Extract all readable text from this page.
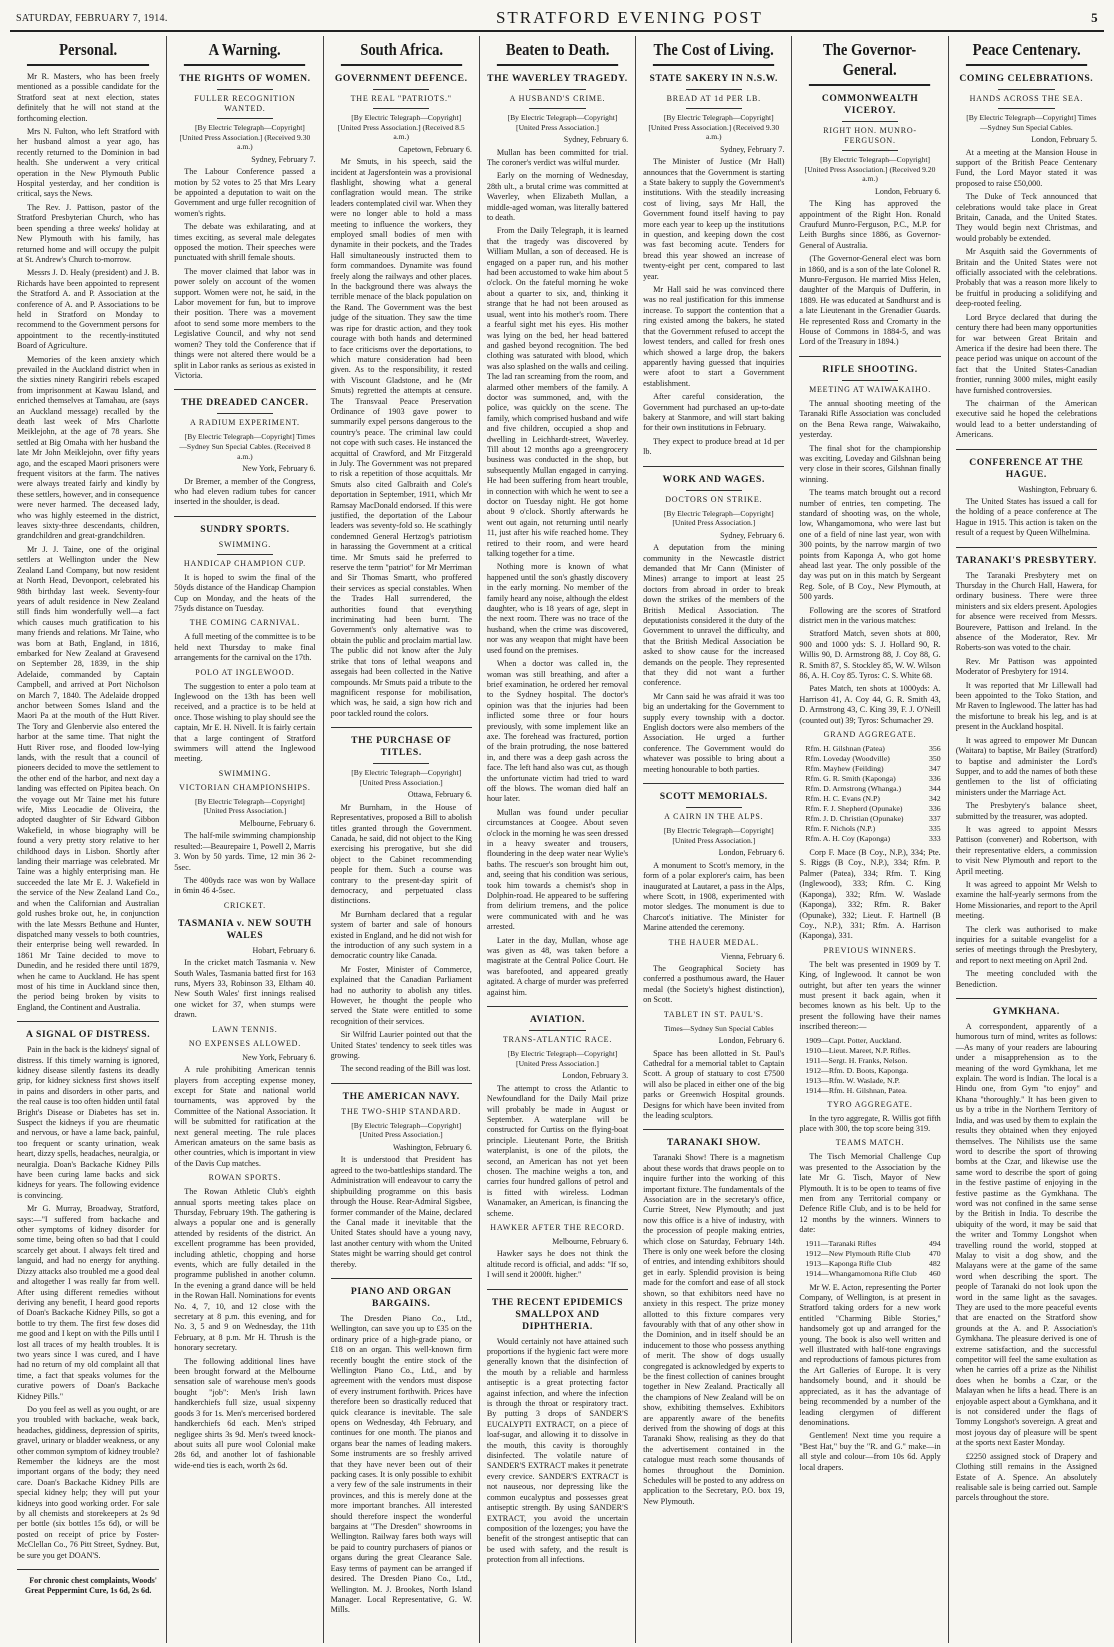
SATURDAY, FEBRUARY 7, 1914.	STRATFORD EVENING POST	5
Personal.

Mr R. Masters, who has been freely mentioned as a possible candidate for the Stratford seat at next election, states definitely that he will not stand at the forthcoming election.

Mrs N. Fulton, who left Stratford with her husband almost a year ago, has recently returned to the Dominion in bad health. She underwent a very critical operation in the New Plymouth Public Hospital yesterday, and her condition is critical, says the News.

The Rev. J. Pattison, pastor of the Stratford Presbyterian Church, who has been spending a three weeks' holiday at New Plymouth with his family, has returned home and will occupy the pulpit at St. Andrew's Church to-morrow.

Messrs J. D. Healy (president) and J. B. Richards have been appointed to represent the Stratford A. and P. Association at the conference of A. and P. Associations to be held in Stratford on Monday to recommend to the Government persons for appointment to the recently-instituted Board of Agriculture.

Memories of the keen anxiety which prevailed in the Auckland district when in the sixties ninety Rangiriri rebels escaped from imprisonment at Kawau Island, and enriched themselves at Tamahau, are (says an Auckland message) recalled by the death last week of Mrs Charlotte Meiklejohn, at the age of 78 years. She settled at Big Omaha with her husband the late Mr John Meiklejohn, over fifty years ago, and the escaped Maori prisoners were frequent visitors at the farm. The natives were always treated fairly and kindly by these settlers, however, and in consequence were never harmed. The deceased lady, who was highly esteemed in the district, leaves sixty-three descendants, children, grandchildren and great-grandchildren.

Mr J. J. Taine, one of the original settlers at Wellington under the New Zealand Land Company, but now resident at North Head, Devonport, celebrated his 98th birthday last week. Seventy-four years of adult residence in New Zealand still finds him wonderfully well—a fact which causes much gratification to his many friends and relations. Mr Taine, who was born at Bath, England, in 1816, embarked for New Zealand at Gravesend on September 28, 1839, in the ship Adelaide, commanded by Captain Campbell, and arrived at Port Nicholson on March 7, 1840. The Adelaide dropped anchor between Somes Island and the Maori Pa at the mouth of the Hutt River. The Tory and Glenbervie also entered the harbor at the same time. That night the Hutt River rose, and flooded low-lying lands, with the result that a council of pioneers decided to move the settlement to the other end of the harbor, and next day a landing was effected on Pipitea beach. On the voyage out Mr Taine met his future wife, Miss Leocadie de Oliveira, the adopted daughter of Sir Edward Gibbon Wakefield, in whose biography will be found a very pretty story relative to her childhood days in Lisbon. Shortly after landing their marriage was celebrated. Mr Taine was a highly enterprising man. He succeeded the late Mr E. J. Wakefield in the service of the New Zealand Land Co., and when the Californian and Australian gold rushes broke out, he, in conjunction with the late Messrs Bethune and Hunter, dispatched many vessels to both countries, their enterprise being well rewarded. In 1861 Mr Taine decided to move to Dunedin, and he resided there until 1879, when he came to Auckland. He has spent most of his time in Auckland since then, the period being broken by visits to England, the Continent and Australia.

A SIGNAL OF DISTRESS.

Pain in the back is the kidneys' signal of distress. If this timely warning is ignored, kidney disease silently fastens its deadly grip, for kidney sickness first shows itself in pains and disorders in other parts, and the real cause is too often hidden until fatal Bright's Disease or Diabetes has set in. Suspect the kidneys if you are rheumatic and nervous, or have a lame back, painful, too frequent or scanty urination, weak heart, dizzy spells, headaches, neuralgia, or neuralgia. Doan's Backache Kidney Pills have been curing lame backs and sick kidneys for years. The following evidence is convincing.

Mr G. Murray, Broadway, Stratford, says:—"I suffered from backache and other symptoms of kidney disorder for some time, being often so bad that I could scarcely get about. I always felt tired and languid, and had no energy for anything. Dizzy attacks also troubled me a good deal and altogether I was really far from well. After using different remedies without deriving any benefit, I heard good reports of Doan's Backache Kidney Pills, so got a bottle to try them. The first few doses did me good and I kept on with the Pills until I lost all traces of my health troubles. It is two years since I was cured, and I have had no return of my old complaint all that time, a fact that speaks volumes for the curative powers of Doan's Backache Kidney Pills."

Do you feel as well as you ought, or are you troubled with backache, weak back, headaches, giddiness, depression of spirits, gravel, urinary or bladder weakness, or any other common symptom of kidney trouble? Remember the kidneys are the most important organs of the body; they need care. Doan's Backache Kidney Pills are special kidney help; they will put your kidneys into good working order. For sale by all chemists and storekeepers at 2s 9d per bottle (six bottles 15s 6d), or will be posted on receipt of price by Foster-McClellan Co., 76 Pitt Street, Sydney. But, be sure you get DOAN'S.

For chronic chest complaints, Woods' Great Peppermint Cure, 1s 6d, 2s 6d.

A Warning.
THE RIGHTS OF WOMEN.
FULLER RECOGNITION WANTED.

[By Electric Telegraph—Copyright] [United Press Association.] (Received 9.30 a.m.)

Sydney, February 7.

The Labour Conference passed a motion by 52 votes to 25 that Mrs Leary be appointed a deputation to wait on the Government and urge fuller recognition of women's rights.

The debate was exhilarating, and at times exciting, as several male delegates opposed the motion. Their speeches were punctuated with shrill female shouts.

The mover claimed that labor was in power solely on account of the women support. Women were not, he said, in the Labor movement for fun, but to improve their position. There was a movement afoot to send some more members to the Legislative Council, and why not send women? They told the Conference that if things were not altered there would be a split in Labor ranks as serious as existed in Victoria.

THE DREADED CANCER.
A RADIUM EXPERIMENT.

[By Electric Telegraph—Copyright] Times—Sydney Sun Special Cables. (Received 8 a.m.)

New York, February 6.

Dr Bremer, a member of the Congress, who had eleven radium tubes for cancer inserted in the shoulder, is dead.

SUNDRY SPORTS.
SWIMMING.
HANDICAP CHAMPION CUP.

It is hoped to swim the final of the 50yds distance of the Handicap Champion Cup on Monday, and the heats of the 75yds distance on Tuesday.

THE COMING CARNIVAL.

A full meeting of the committee is to be held next Thursday to make final arrangements for the carnival on the 17th.

POLO AT INGLEWOOD.

The suggestion to enter a polo team at Inglewood on the 13th has been well received, and a practice is to be held at once. Those wishing to play should see the captain, Mr E. H. Nivell. It is fairly certain that a large contingent of Stratford swimmers will attend the Inglewood meeting.

SWIMMING.
VICTORIAN CHAMPIONSHIPS.

[By Electric Telegraph—Copyright] [United Press Association.]

Melbourne, February 6.

The half-mile swimming championship resulted:—Beaurepaire 1, Powell 2, Marris 3. Won by 50 yards. Time, 12 min 36 2-5sec.

The 400yds race was won by Wallace in 6min 46 4-5sec.

CRICKET.
TASMANIA v. NEW SOUTH WALES

Hobart, February 6.

In the cricket match Tasmania v. New South Wales, Tasmania batted first for 163 runs, Myers 33, Robinson 33, Eltham 40. New South Wales' first innings realised one wicket for 37, when stumps were drawn.

LAWN TENNIS.
NO EXPENSES ALLOWED.

New York, February 6.

A rule prohibiting American tennis players from accepting expense money, except for State and national world tournaments, was approved by the Committee of the National Association. It will be submitted for ratification at the next general meeting. The rule places American amateurs on the same basis as other countries, which is important in view of the Davis Cup matches.

ROWAN SPORTS.

The Rowan Athletic Club's eighth annual sports meeting takes place on Thursday, February 19th. The gathering is always a popular one and is generally attended by residents of the district. An excellent programme has been provided, including athletic, chopping and horse events, which are fully detailed in the programme published in another column. In the evening a grand dance will be held in the Rowan Hall. Nominations for events No. 4, 7, 10, and 12 close with the secretary at 8 p.m. this evening, and for No. 3, 5 and 9 on Wednesday, the 11th February, at 8 p.m. Mr H. Thrush is the honorary secretary.

The following additional lines have been brought forward at the Melbourne sensation sale of warehouse men's goods bought "job": Men's Irish lawn handkerchiefs full size, usual sixpenny goods 3 for 1s. Men's mercerised bordered handkerchiefs 6d each. Men's striped negligee shirts 3s 9d. Men's tweed knock-about suits all pure wool Colonial make 28s 6d, and another lot of fashionable wide-end ties is each, worth 2s 6d.

South Africa.
GOVERNMENT DEFENCE.
THE REAL "PATRIOTS."

[By Electric Telegraph—Copyright] [United Press Association.] (Received 8.5 a.m.)

Capetown, February 6.

Mr Smuts, in his speech, said the incident at Jagersfontein was a provisional flashlight, showing what a general conflagration would mean. The strike leaders contemplated civil war. When they were no longer able to hold a mass meeting to influence the workers, they employed small bodies of men with dynamite in their pockets, and the Trades Hall simultaneously instructed them to form commandoes. Dynamite was found freely along the railways and other places. In the background there was always the terrible menace of the black population on the Rand. The Government was the best judge of the situation. They saw the time was ripe for drastic action, and they took courage with both hands and determined to face criticisms over the deportations, to which mature consideration had been given. As to the responsibility, it rested with Viscount Gladstone, and he (Mr Smuts) regretted the attempts at censure. The Transvaal Peace Preservation Ordinance of 1903 gave power to summarily expel persons dangerous to the country's peace. The criminal law could not cope with such cases. He instanced the acquittal of Crawford, and Mr Fitzgerald in July. The Government was not prepared to risk a repetition of those acquittals. Mr Smuts also cited Galbraith and Cole's deportation in September, 1911, which Mr Ramsay MacDonald endorsed. If this were justified, the deportation of the Labour leaders was seventy-fold so. He scathingly condemned General Hertzog's patriotism in harassing the Government at a critical time. Mr Smuts said he preferred to reserve the term "patriot" for Mr Merriman and Sir Thomas Smartt, who proffered their services as special constables. When the Trades Hall surrendered, the authorities found that everything incriminating had been burnt. The Government's only alternative was to obtain the public and proclaim martial law. The public did not know after the July strike that tons of lethal weapons and assegais had been collected in the Native compounds. Mr Smuts paid a tribute to the magnificent response for mobilisation, which was, he said, a sign how rich and poor tackled round the colors.

THE PURCHASE OF TITLES.

[By Electric Telegraph—Copyright] [United Press Association.]

Ottawa, February 6.

Mr Burnham, in the House of Representatives, proposed a Bill to abolish titles granted through the Government. Canada, he said, did not object to the King exercising his prerogative, but she did object to the Cabinet recommending people for them. Such a course was contrary to the present-day spirit of democracy, and perpetuated class distinctions.

Mr Burnham declared that a regular system of barter and sale of honours existed in England, and he did not wish for the introduction of any such system in a democratic country like Canada.

Mr Foster, Minister of Commerce, explained that the Canadian Parliament had no authority to abolish any titles. However, he thought the people who served the State were entitled to some recognition of their services.

Sir Wilfrid Laurier pointed out that the United States' tendency to seek titles was growing.

The second reading of the Bill was lost.

THE AMERICAN NAVY.
THE TWO-SHIP STANDARD.

[By Electric Telegraph—Copyright] [United Press Association.]

Washington, February 6.

It is understood that President has agreed to the two-battleships standard. The Administration will endeavour to carry the shipbuilding programme on this basis through the House. Rear-Admiral Sigsbee, former commander of the Maine, declared the Canal made it inevitable that the United States should have a young navy, last another century with whom the United States might be warring should get control thereby.

PIANO AND ORGAN BARGAINS.

The Dresden Piano Co., Ltd., Wellington, can save you up to £35 on the ordinary price of a high-grade piano, or £18 on an organ. This well-known firm recently bought the entire stock of the Wellington Piano Co., Ltd., and by agreement with the vendors must dispose of every instrument forthwith. Prices have therefore been so drastically reduced that quick clearance is inevitable. The sale opens on Wednesday, 4th February, and continues for one month. The pianos and organs bear the names of leading makers. Some instruments are so freshly arrived that they have never been out of their packing cases. It is only possible to exhibit a very few of the sale instruments in their provinces, and this is merely done at the more important branches. All interested should therefore inspect the wonderful bargains at "The Dresden" showrooms in Wellington. Railway fares both ways will be paid to country purchasers of pianos or organs during the great Clearance Sale. Easy terms of payment can be arranged if desired. The Dresden Piano Co., Ltd., Wellington. M. J. Brookes, North Island Manager. Local Representative, G. W. Mills.

Beaten to Death.
THE WAVERLEY TRAGEDY.
A HUSBAND'S CRIME.

[By Electric Telegraph—Copyright] [United Press Association.]

Sydney, February 6.

Mullan has been committed for trial. The coroner's verdict was wilful murder.

Early on the morning of Wednesday, 28th ult., a brutal crime was committed at Waverley, when Elizabeth Mullan, a middle-aged woman, was literally battered to death.

From the Daily Telegraph, it is learned that the tragedy was discovered by William Mullan, a son of deceased. He is engaged on a paper run, and his mother had been accustomed to wake him about 5 o'clock. On the fateful morning he woke about a quarter to six, and, thinking it strange that he had not been aroused as usual, went into his mother's room. There a fearful sight met his eyes. His mother was lying on the bed, her head battered and gashed beyond recognition. The bed clothing was saturated with blood, which was also splashed on the walls and ceiling. The lad ran screaming from the room, and alarmed other members of the family. A doctor was summoned, and, with the police, was quickly on the scene. The family, which comprised husband and wife and five children, occupied a shop and dwelling in Leichhardt-street, Waverley. Till about 12 months ago a greengrocery business was conducted in the shop, but subsequently Mullan engaged in carrying. He had been suffering from heart trouble, in connection with which he went to see a doctor on Tuesday night. He got home about 9 o'clock. Shortly afterwards he went out again, not returning until nearly 11, just after his wife reached home. They retired to their room, and were heard talking together for a time.

Nothing more is known of what happened until the son's ghastly discovery in the early morning. No member of the family heard any noise, although the eldest daughter, who is 18 years of age, slept in the next room. There was no trace of the husband, when the crime was discovered, nor was any weapon that might have been used found on the premises.

When a doctor was called in, the woman was still breathing, and after a brief examination, he ordered her removal to the Sydney hospital. The doctor's opinion was that the injuries had been inflicted some three or four hours previously, with some implement like an axe. The forehead was fractured, portion of the brain protruding, the nose battered in, and there was a deep gash across the face. The left hand also was cut, as though the unfortunate victim had tried to ward off the blows. The woman died half an hour later.

Mullan was found under peculiar circumstances at Coogee. About seven o'clock in the morning he was seen dressed in a heavy sweater and trousers, floundering in the deep water near Wylie's baths. The rescuer's son brought him out, and, seeing that his condition was serious, took him towards a chemist's shop in Dolphin-road. He appeared to be suffering from delirium tremens, and the police were communicated with and he was arrested.

Later in the day, Mullan, whose age was given as 48, was taken before a magistrate at the Central Police Court. He was barefooted, and appeared greatly agitated. A charge of murder was preferred against him.

AVIATION.
TRANS-ATLANTIC RACE.

[By Electric Telegraph—Copyright] [United Press Association.]

London, February 3.

The attempt to cross the Atlantic to Newfoundland for the Daily Mail prize will probably be made in August or September. A waterplane will be constructed for Curtiss on the flying-boat principle. Lieutenant Porte, the British waterplanist, is one of the pilots, the second, an American has not yet been chosen. The machine weighs a ton, and carries four hundred gallons of petrol and is fitted with wireless. Lodman Wanamaker, an American, is financing the scheme.

HAWKER AFTER THE RECORD.

Melbourne, February 6.

Hawker says he does not think the altitude record is official, and adds: "If so, I will send it 2000ft. higher."

THE RECENT EPIDEMICS SMALLPOX AND DIPHTHERIA.

Would certainly not have attained such proportions if the hygienic fact were more generally known that the disinfection of the mouth by a reliable and harmless antiseptic is a great protecting factor against infection, and where the infection is through the throat or respiratory tract. By putting 3 drops of SANDER'S EUCALYPTI EXTRACT, on a piece of loaf-sugar, and allowing it to dissolve in the mouth, this cavity is thoroughly disinfected. The volatile nature of SANDER'S EXTRACT makes it penetrate every crevice. SANDER'S EXTRACT is not nauseous, nor depressing like the common eucalyptus and possesses great antiseptic strength. By using SANDER'S EXTRACT, you avoid the uncertain composition of the lozenges; you have the benefit of the strongest antiseptic that can be used with safety, and the result is protection from all infections.

The Cost of Living.
STATE SAKERY IN N.S.W.
BREAD AT 1d PER LB.

[By Electric Telegraph—Copyright] [United Press Association.] (Received 9.30 a.m.)

Sydney, February 7.

The Minister of Justice (Mr Hall) announces that the Government is starting a State bakery to supply the Government's institutions. With the steadily increasing cost of living, says Mr Hall, the Government found itself having to pay more each year to keep up the institutions in question, and keeping down the cost was fast becoming acute. Tenders for bread this year showed an increase of twenty-eight per cent, compared to last year.

Mr Hall said he was convinced there was no real justification for this immense increase. To support the contention that a ring existed among the bakers, he stated that the Government refused to accept the lowest tenders, and called for fresh ones which showed a large drop, the bakers apparently having guessed that inquiries were afoot to start a Government establishment.

After careful consideration, the Government had purchased an up-to-date bakery at Stanmore, and will start baking for their own institutions in February.

They expect to produce bread at 1d per lb.

WORK AND WAGES.
DOCTORS ON STRIKE.

[By Electric Telegraph—Copyright] [United Press Association.]

Sydney, February 6.

A deputation from the mining community in the Newcastle district demanded that Mr Cann (Minister of Mines) arrange to import at least 25 doctors from abroad in order to break down the strikes of the members of the British Medical Association. The deputationists considered it the duty of the Government to unravel the difficulty, and that the British Medical Association be asked to show cause for the increased demands on the people. They represented that they did not want a further conference.

Mr Cann said he was afraid it was too big an undertaking for the Government to supply every township with a doctor. English doctors were also members of the Association. He urged a further conference. The Government would do whatever was possible to bring about a meeting honourable to both parties.

SCOTT MEMORIALS.
A CAIRN IN THE ALPS.

[By Electric Telegraph—Copyright] [United Press Association.]

London, February 6.

A monument to Scott's memory, in the form of a polar explorer's cairn, has been inaugurated at Lautaret, a pass in the Alps, where Scott, in 1908, experimented with motor sledges. The monument is due to Charcot's initiative. The Minister for Marine attended the ceremony.

THE HAUER MEDAL.

Vienna, February 6.

The Geographical Society has conferred a posthumous award, the Hauer medal (the Society's highest distinction), on Scott.

TABLET IN ST. PAUL'S.

Times—Sydney Sun Special Cables

London, February 6.

Space has been allotted in St. Paul's Cathedral for a memorial tablet to Captain Scott. A group of statuary to cost £7500 will also be placed in either one of the big parks or Greenwich Hospital grounds. Designs for which have been invited from the leading sculptors.

TARANAKI SHOW.

Taranaki Show! There is a magnetism about these words that draws people on to inquire further into the working of this important fixture. The fundamentals of the Association are in the secretary's office, Currie Street, New Plymouth; and just now this office is a hive of industry, with the procession of people making entries, which close on Saturday, February 14th. There is only one week before the closing of entries, and intending exhibitors should get in early. Splendid provision is being made for the comfort and ease of all stock shown, so that exhibitors need have no anxiety in this respect. The prize money allotted to this fixture compares very favourably with that of any other show in the Dominion, and in itself should be an inducement to those who possess anything of merit. The show of dogs usually congregated is acknowledged by experts to be the finest collection of canines brought together in New Zealand. Practically all the champions of New Zealand will be on show, exhibiting themselves. Exhibitors are apparently aware of the benefits derived from the showing of dogs at this Taranaki Show, realising as they do that the advertisement contained in the catalogue must reach some thousands of homes throughout the Dominion. Schedules will be posted to any address on application to the Secretary, P.O. box 19, New Plymouth.

The Governor-General.
COMMONWEALTH VICEROY.
RIGHT HON. MUNRO-FERGUSON.

[By Electric Telegraph—Copyright] [United Press Association.] (Received 9.20 a.m.)

London, February 6.

The King has approved the appointment of the Right Hon. Ronald Craufurd Munro-Ferguson, P.C., M.P. for Leith Burghs since 1886, as Governor-General of Australia.

(The Governor-General elect was born in 1860, and is a son of the late Colonel R. Munro-Ferguson. He married Miss Helen, daughter of the Marquis of Dufferin, in 1889. He was educated at Sandhurst and is a late Lieutenant in the Grenadier Guards. He represented Ross and Cromarty in the House of Commons in 1884-5, and was Lord of the Treasury in 1894.)

RIFLE SHOOTING.
MEETING AT WAIWAKAIHO.

The annual shooting meeting of the Taranaki Rifle Association was concluded on the Bena Rewa range, Waiwakaiho, yesterday.

The final shot for the championship was exciting, Loveday and Gilshnan being very close in their scores, Gilshnan finally winning.

The teams match brought out a record number of entries, ten competing. The standard of shooting was, on the whole, low, Whangamomona, who were last but one of a field of nine last year, won with 300 points, by the narrow margin of two points from Kaponga A, who got home ahead last year. The only possible of the day was put on in this match by Sergeant Reg. Sole, of B Coy., New Plymouth, at 500 yards.

Following are the scores of Stratford district men in the various matches:

Stratford Match, seven shots at 800, 900 and 1000 yds: S. J. Hollard 90, R. Willis 90, D. Armstrong 88, J. Coy 88, G. R. Smith 87, S. Stockley 85, W. W. Wilson 86, A. H. Coy 85. Tyros: C. S. White 68.

Pates Match, ten shots at 1000yds: A. Harrison 41, A. Coy 44, G. R. Smith 43, D. Armstrong 43, C. King 39, F. J. O'Neill (counted out) 39; Tyros: Schumacher 29.

GRAND AGGREGATE.
Rfm. H. Gilshnan (Patea)	356
Rfm. Loveday (Woodville)	350
Rfm. Mayhew (Feilding)	347
Rfm. G. R. Smith (Kaponga)	336
Rfm. D. Armstrong (Whanga.)	344
Rfm. H. C. Evans (N.P)	342
Rfm. F. J. Shepherd (Opunake)	336
Rfm. J. D. Christian (Opunake)	337
Rfm. F. Nichols (N.P.)	335
Rfm. A. H. Coy (Kaponga)	333

Corp F. Mace (B Coy., N.P.), 334; Pte. S. Riggs (B Coy., N.P.), 334; Rfm. P. Palmer (Patea), 334; Rfm. T. King (Inglewood), 333; Rfm. C. King (Kaponga), 332; Rfm. W. Waslade (Kaponga), 332; Rfm. R. Baker (Opunake), 332; Lieut. F. Hartnell (B Coy., N.P.), 331; Rfm. A. Harrison (Kaponga), 331.

PREVIOUS WINNERS.

The belt was presented in 1909 by T. King, of Inglewood. It cannot be won outright, but after ten years the winner must present it back again, when it becomes known as his belt. Up to the present the following have their names inscribed thereon:—

1909—Capt. Potter, Auckland.
1910—Lieut. Mareet, N.P. Rifles.
1911—Sergt. H. Franks, Nelson.
1912—Rfm. D. Boots, Kaponga.
1913—Rfm. W. Waslade, N.P.
1914—Rfm. H. Gilshnan, Patea.
TYRO AGGREGATE.

In the tyro aggregate, R. Willis got fifth place with 300, the top score being 319.

TEAMS MATCH.

The Tisch Memorial Challenge Cup was presented to the Association by the late Mr G. Tisch, Mayor of New Plymouth. It is to be open to teams of five men from any Territorial company or Defence Rifle Club, and is to be held for 12 months by the winners. Winners to date:

1911—Taranaki Rifles	494
1912—New Plymouth Rifle Club 470
1913—Kaponga Rifle Club	482
1914—Whangamomona Rifle Club 460

Mr W. E. Acton, representing the Porter Company, of Wellington, is at present in Stratford taking orders for a new work entitled "Charming Bible Stories," handsomely got up and arranged for the young. The book is also well written and well illustrated with half-tone engravings and reproductions of famous pictures from the Art Galleries of Europe. It is very handsomely bound, and it should be appreciated, as it has the advantage of being recommended by a number of the leading clergymen of different denominations.

Gentlemen! Next time you require a "Best Hat," buy the "R. and G." make—in all style and colour—from 10s 6d. Apply local drapers.

Peace Centenary.
COMING CELEBRATIONS.
HANDS ACROSS THE SEA.

[By Electric Telegraph—Copyright] Times—Sydney Sun Special Cables.

London, February 5.

At a meeting at the Mansion House in support of the British Peace Centenary Fund, the Lord Mayor stated it was proposed to raise £50,000.

The Duke of Teck announced that celebrations would take place in Great Britain, Canada, and the United States. They would begin next Christmas, and would probably be extended.

Mr Asquith said the Governments of Britain and the United States were not officially associated with the celebrations. Probably that was a reason more likely to be fruitful in producing a solidifying and deep-rooted feeling.

Lord Bryce declared that during the century there had been many opportunities for war between Great Britain and America if the desire had been there. The peace period was unique on account of the fact that the United States-Canadian frontier, running 3000 miles, might easily have furnished controversies.

The chairman of the American executive said he hoped the celebrations would lead to a better understanding of Americans.

CONFERENCE AT THE HAGUE.

Washington, February 6.

The United States has issued a call for the holding of a peace conference at The Hague in 1915. This action is taken on the result of a request by Queen Wilhelmina.

TARANAKI'S PRESBYTERY.

The Taranaki Presbytery met on Thursday in the Church Hall, Hawera, for ordinary business. There were three ministers and six elders present. Apologies for absence were received from Messrs. Bourevere, Pattison and Ireland. In the absence of the Moderator, Rev. Mr Roberts-son was voted to the chair.

Rev. Mr Pattison was appointed Moderator of Presbytery for 1914.

It was reported that Mr Lillewall had been appointed to the Toko Station, and Mr Raven to Inglewood. The latter has had the misfortune to break his leg, and is at present in the Auckland hospital.

It was agreed to empower Mr Duncan (Waitara) to baptise, Mr Bailey (Stratford) to baptise and administer the Lord's Supper, and to add the names of both these gentlemen to the list of officiating ministers under the Marriage Act.

The Presbytery's balance sheet, submitted by the treasurer, was adopted.

It was agreed to appoint Messrs Pattison (convener) and Robertson, with their representative elders, a commission to visit New Plymouth and report to the April meeting.

It was agreed to appoint Mr Welsh to examine the half-yearly sermons from the Home Missionaries, and report to the April meeting.

The clerk was authorised to make inquiries for a suitable evangelist for a series of meetings through the Presbytery, and report to next meeting on April 2nd.

The meeting concluded with the Benediction.

GYMKHANA.

A correspondent, apparently of a humorous turn of mind, writes as follows:—As many of your readers are labouring under a misapprehension as to the meaning of the word Gymkhana, let me explain. The word is Indian. The local is a Hindu one, from Gym "to enjoy" and Khana "thoroughly." It has been given to us by a tribe in the Northern Territory of India, and was used by them to explain the results they obtained when they enjoyed themselves. The Nihilists use the same word to describe the sport of throwing bombs at the Czar, and likewise use the same word to describe the sport of going in the festive pastime of enjoying in the festive pastime as the Gymkhana. The word was not confined in the same sense by the British in India. To describe the ubiquity of the word, it may be said that the writer and Tommy Longshot when travelling round the world, stopped at Malay to visit a dog show, and the Malayans were at the game of the same word when describing the sport. The people of Taranaki do not look upon the word in the same light as the savages. They are used to the more peaceful events that are enacted on the Stratford show grounds at the A. and P. Association's Gymkhana. The pleasure derived is one of extreme satisfaction, and the successful competitor will feel the same exultation as when he carries off a prize as the Nihilist does when he bombs a Czar, or the Malayan when he lifts a head. There is an enjoyable aspect about a Gymkhana, and it is not considered under the flags of Tommy Longshot's sovereign. A great and most joyous day of pleasure will be spent at the sports next Easter Monday.

£2250 assigned stock of Drapery and Clothing still remains in the Assigned Estate of A. Spence. An absolutely realisable sale is being carried out. Sample parcels throughout the store.
